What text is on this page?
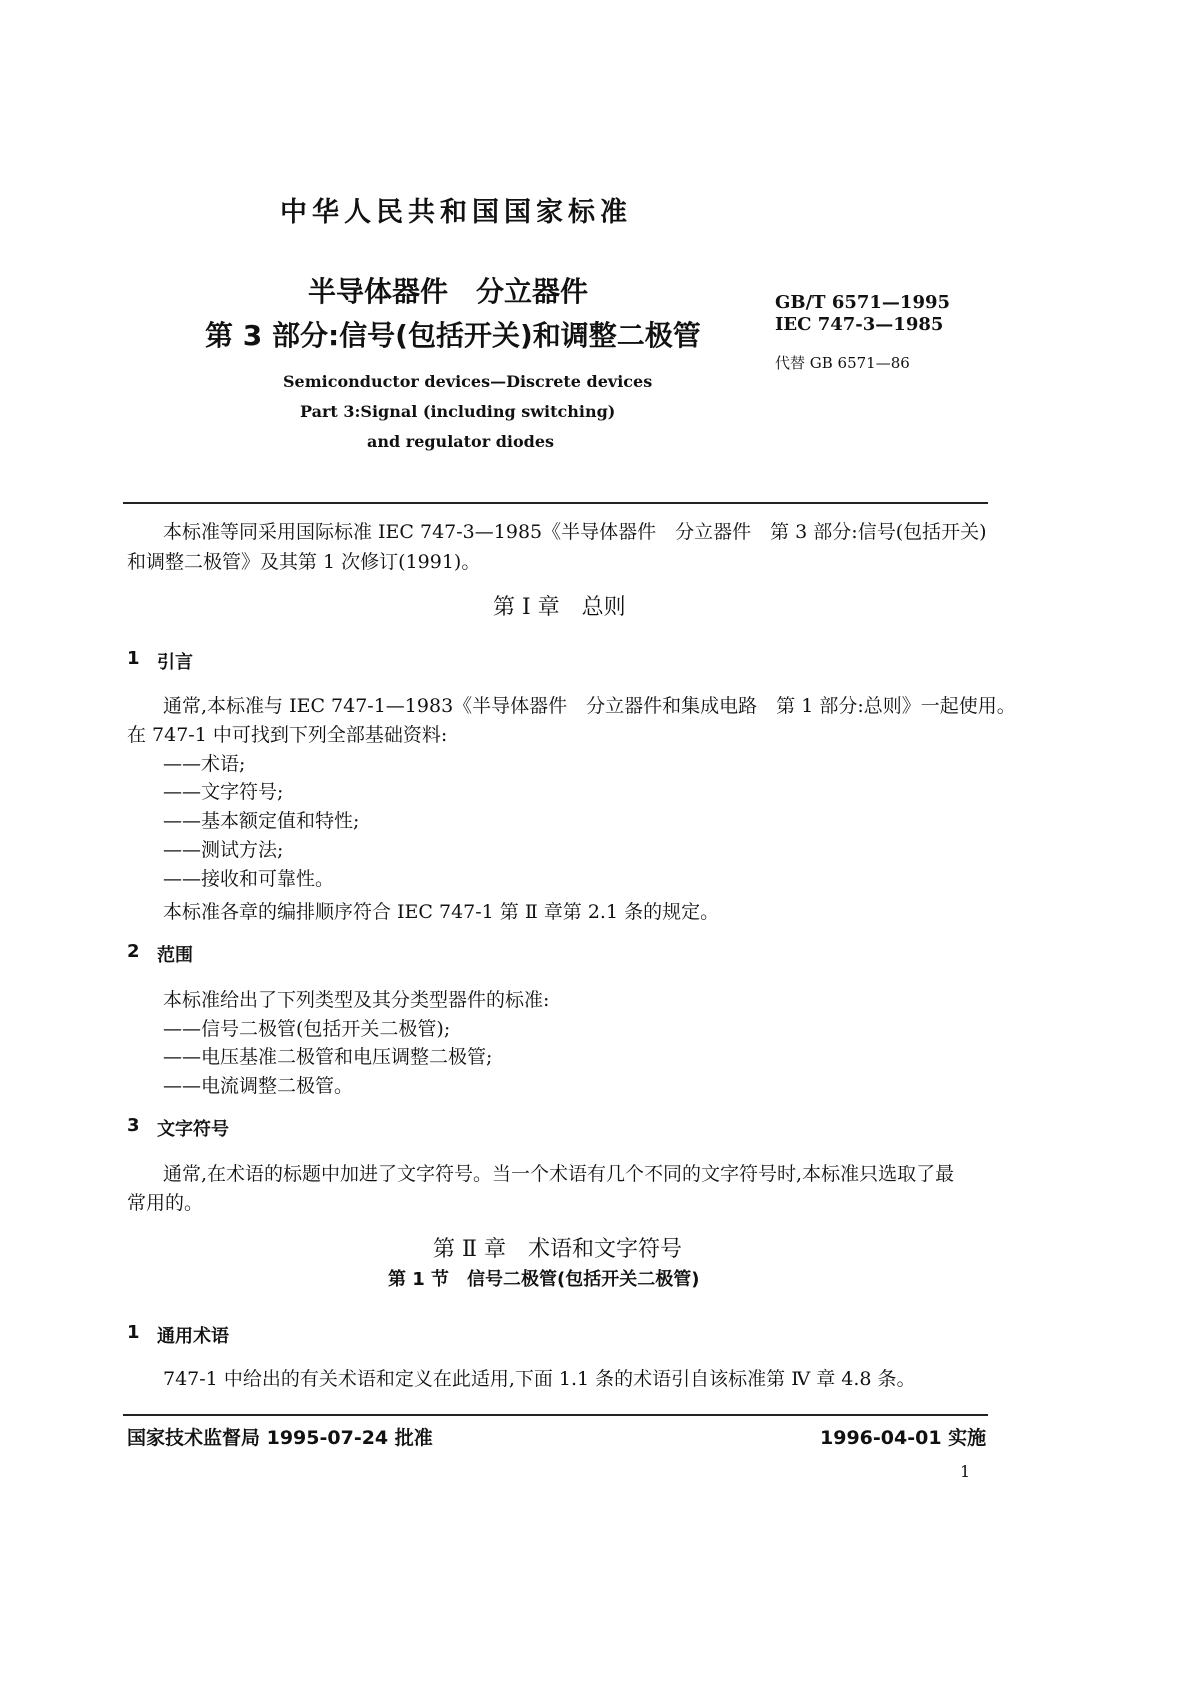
中华人民共和国国家标准
半导体器件　分立器件
第 3 部分:信号(包括开关)和调整二极管
GB/T 6571—1995
IEC 747-3—1985
代替 GB 6571—86
Semiconductor devices—Discrete devices
Part 3:Signal (including switching)
and regulator diodes
本标准等同采用国际标准 IEC 747-3—1985《半导体器件　分立器件　第 3 部分:信号(包括开关)
和调整二极管》及其第 1 次修订(1991)。
第 I 章　总则
1 引言
通常,本标准与 IEC 747-1—1983《半导体器件　分立器件和集成电路　第 1 部分:总则》一起使用。
在 747-1 中可找到下列全部基础资料:
——术语;
——文字符号;
——基本额定值和特性;
——测试方法;
——接收和可靠性。
本标准各章的编排顺序符合 IEC 747-1 第 Ⅱ 章第 2.1 条的规定。
2 范围
本标准给出了下列类型及其分类型器件的标准:
——信号二极管(包括开关二极管);
——电压基准二极管和电压调整二极管;
——电流调整二极管。
3 文字符号
通常,在术语的标题中加进了文字符号。当一个术语有几个不同的文字符号时,本标准只选取了最
常用的。
第 Ⅱ 章　术语和文字符号
第 1 节　信号二极管(包括开关二极管)
1 通用术语
747-1 中给出的有关术语和定义在此适用,下面 1.1 条的术语引自该标准第 Ⅳ 章 4.8 条。
国家技术监督局 1995-07-24 批准	1996-04-01 实施
1
